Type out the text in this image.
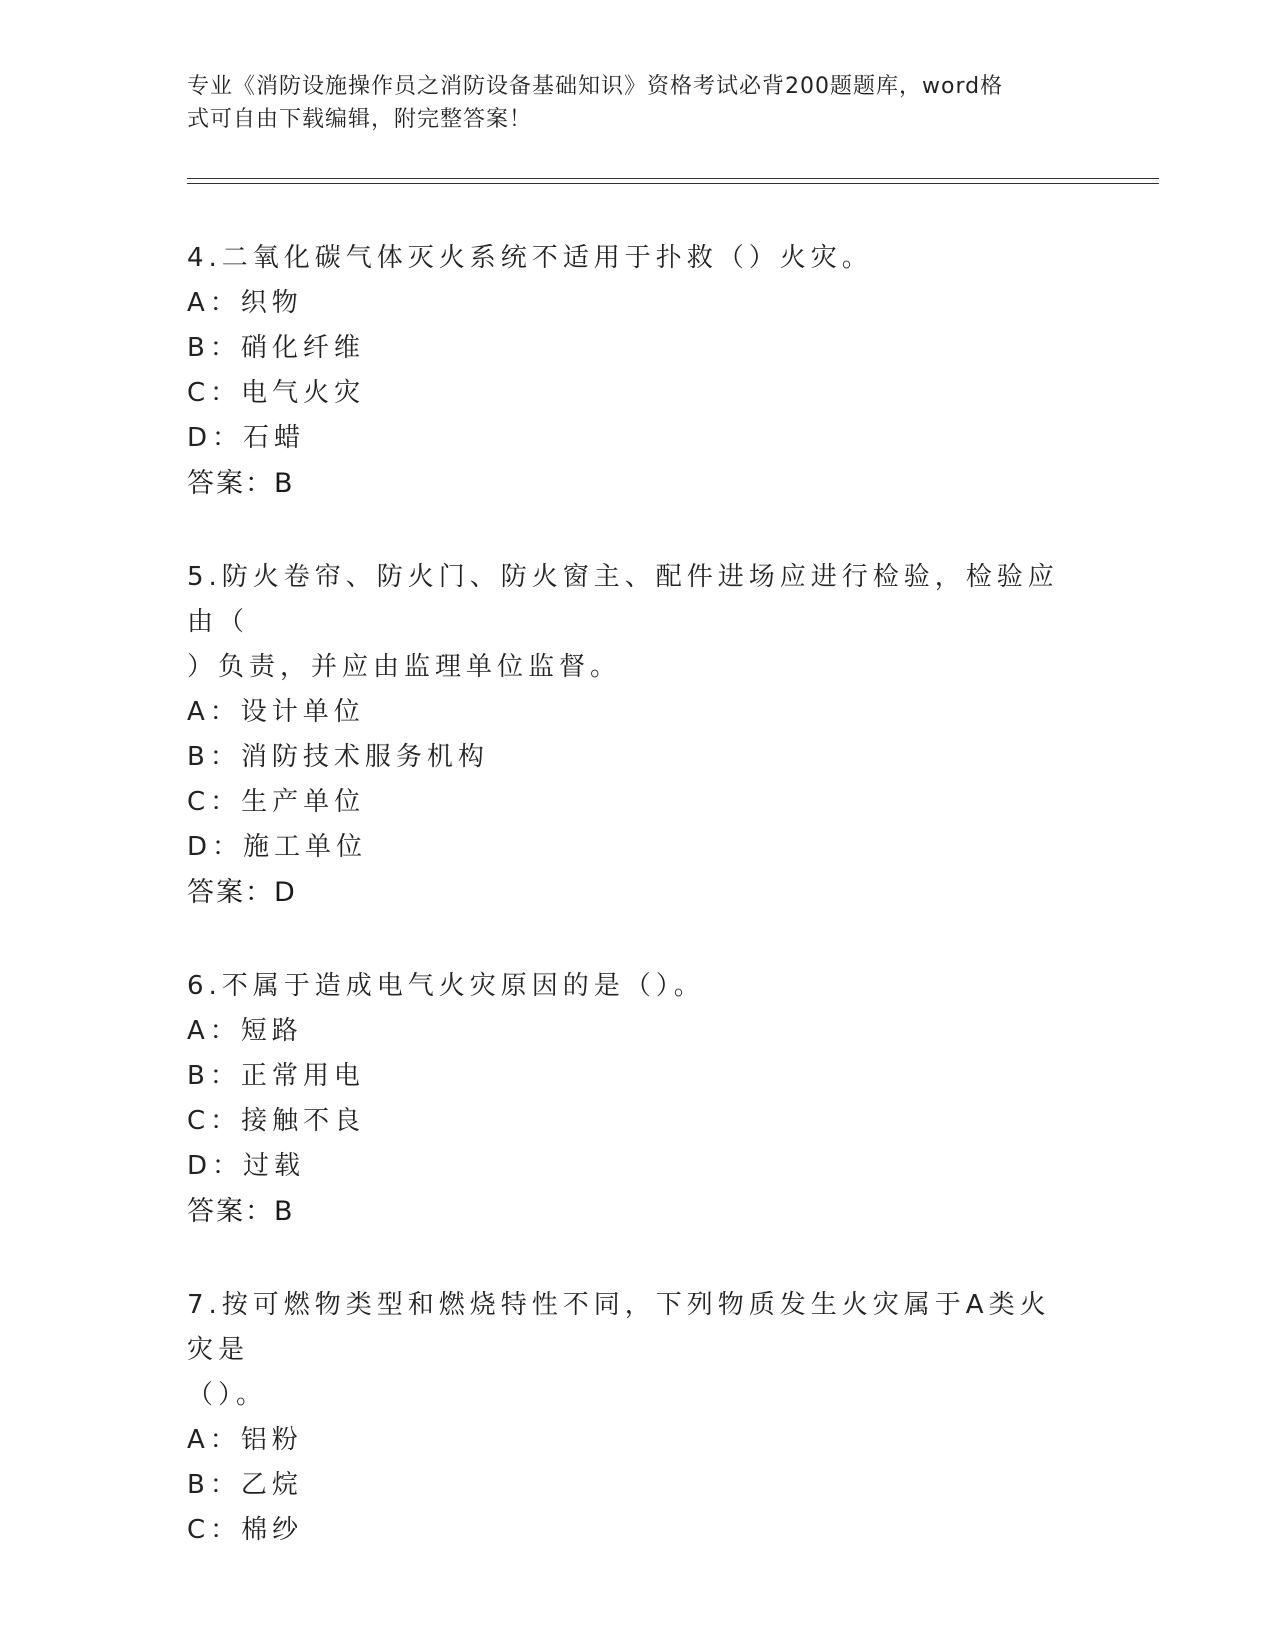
专业《消防设施操作员之消防设备基础知识》资格考试必背200题题库，word格
式可自由下载编辑，附完整答案！
4.二氧化碳气体灭火系统不适用于扑救（）火灾。
A：织物
B：硝化纤维
C：电气火灾
D：石蜡
答案：B
5.防火卷帘、防火门、防火窗主、配件进场应进行检验，检验应由（
）负责，并应由监理单位监督。
A：设计单位
B：消防技术服务机构
C：生产单位
D：施工单位
答案：D
6.不属于造成电气火灾原因的是（）。
A：短路
B：正常用电
C：接触不良
D：过载
答案：B
7.按可燃物类型和燃烧特性不同，下列物质发生火灾属于A类火灾是
（）。
A：铝粉
B：乙烷
C：棉纱
